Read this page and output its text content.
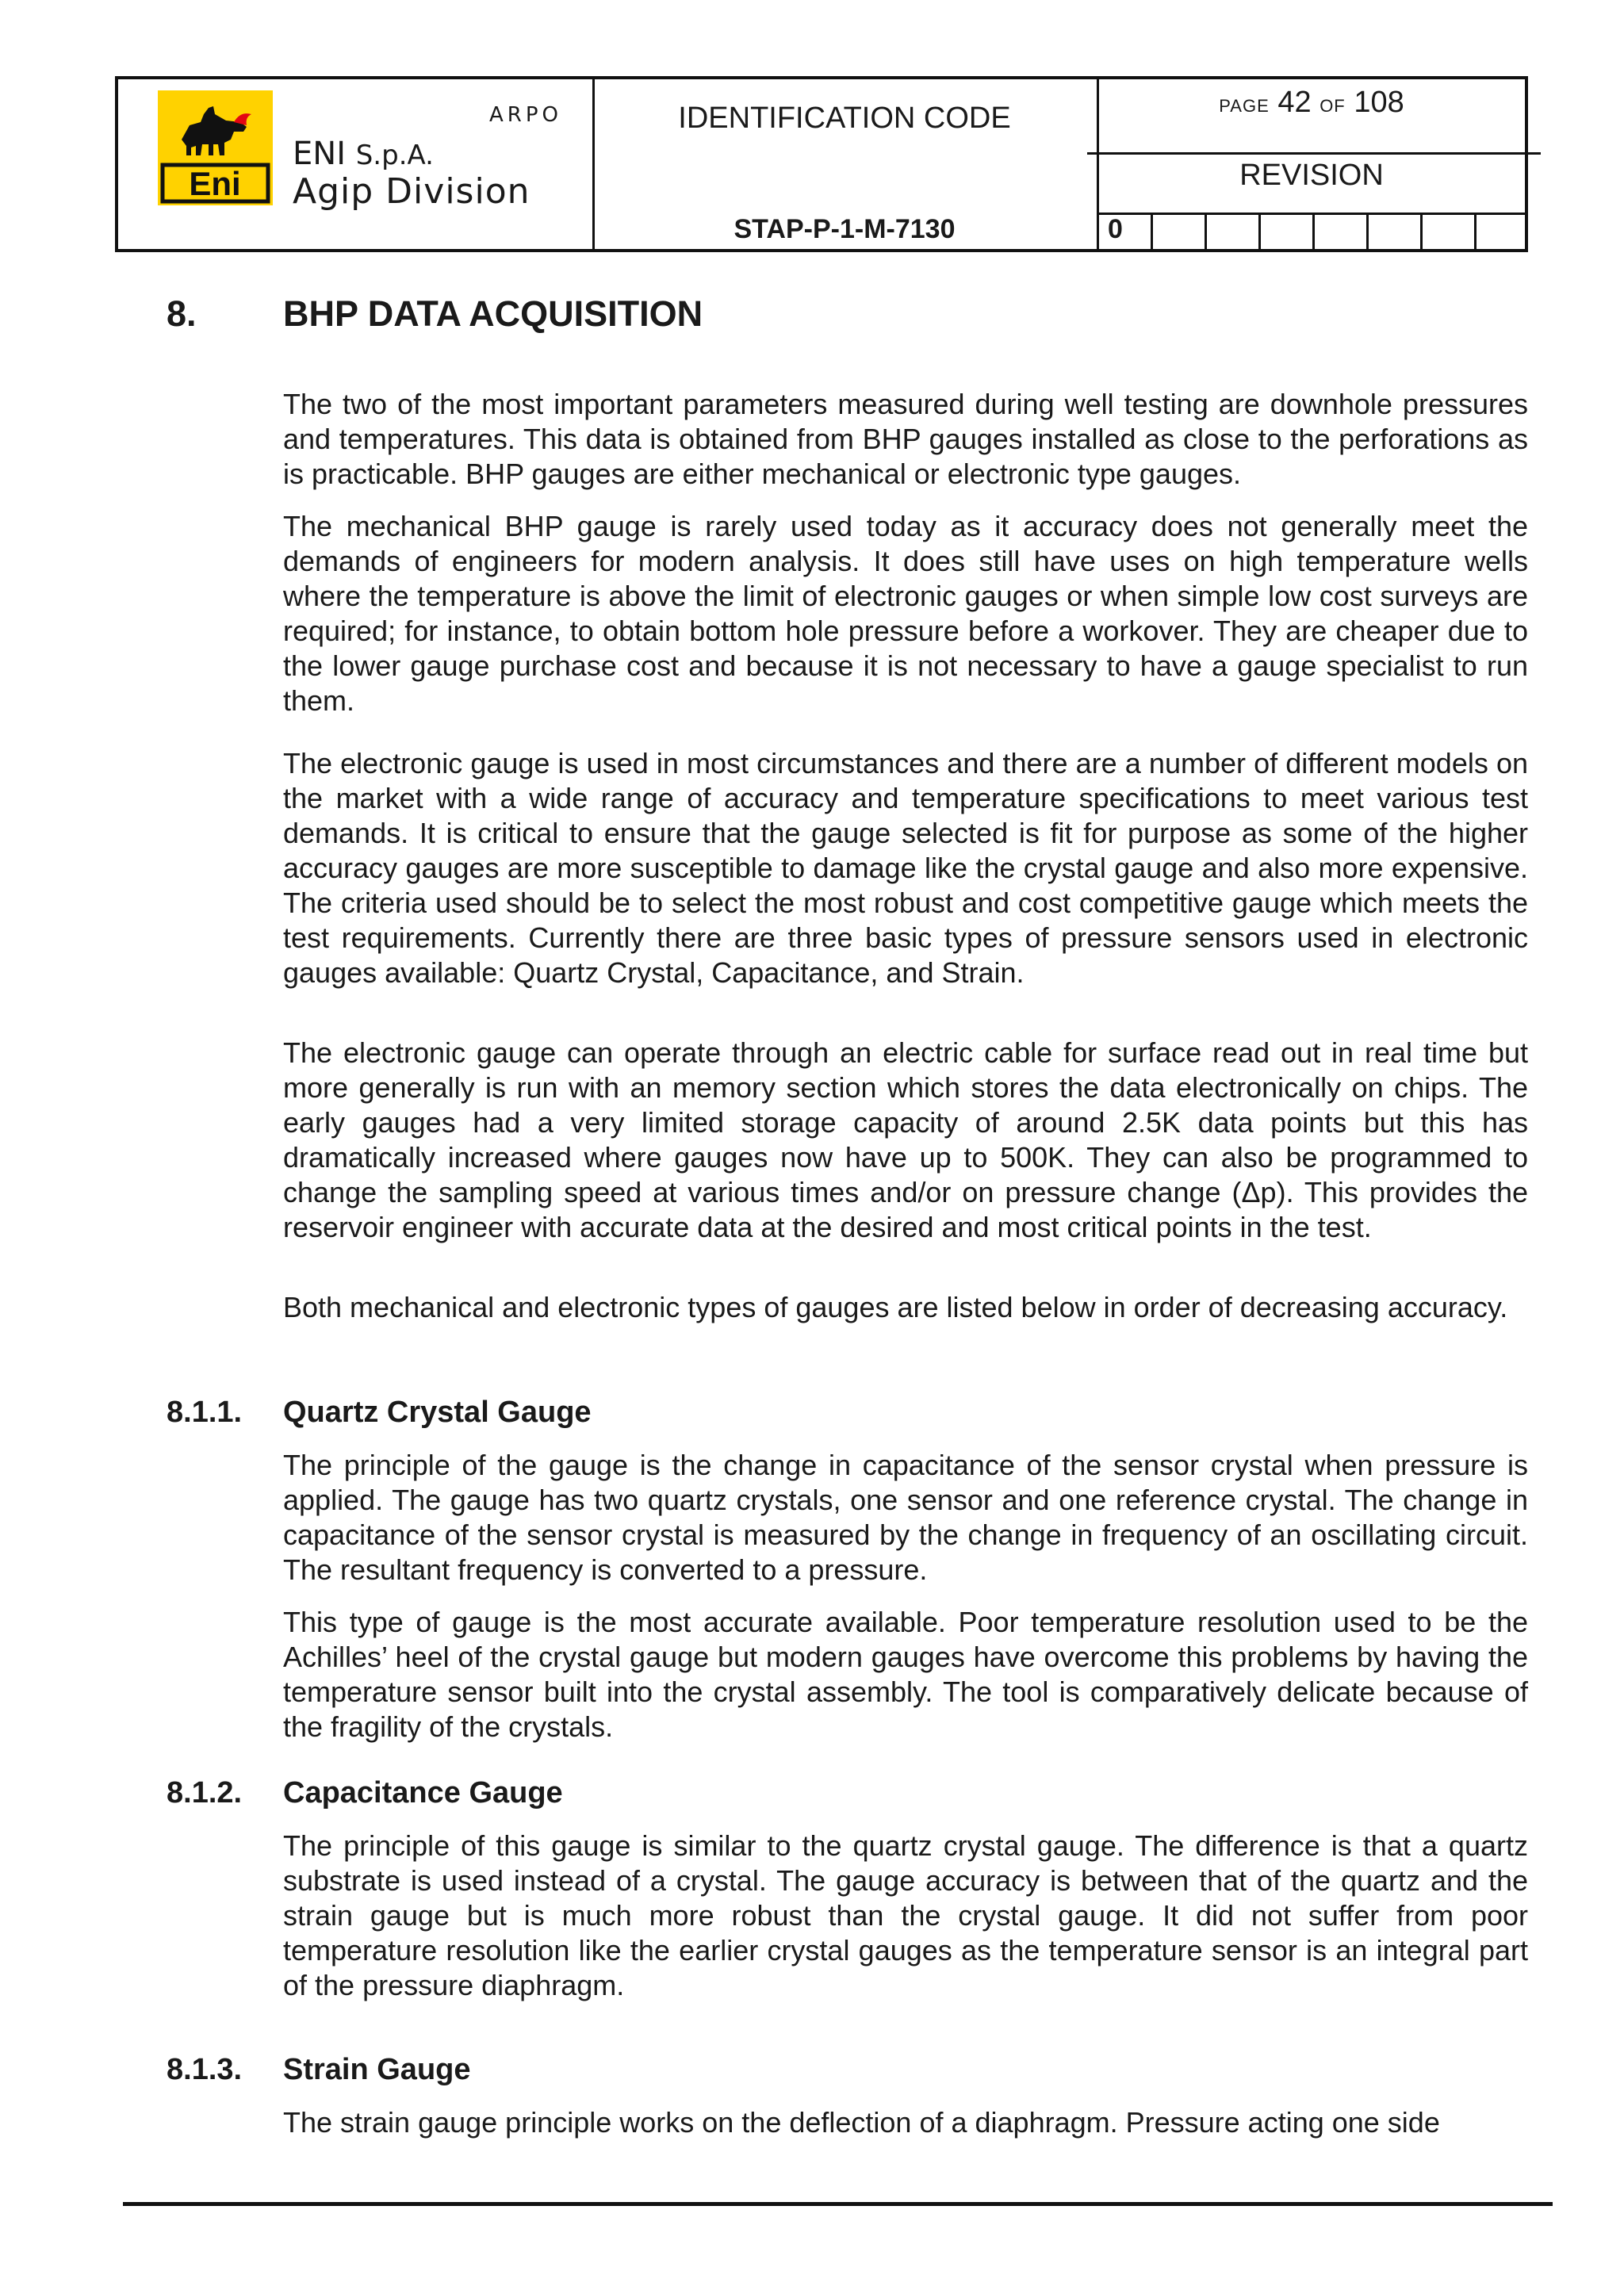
Eni
ARPO
ENI S.p.A.
Agip Division
IDENTIFICATION CODE
STAP-P-1-M-7130
PAGE 42 OF 108
REVISION
0
8. BHP DATA ACQUISITION

The two of the most important parameters measured during well testing are downhole pressures and temperatures. This data is obtained from BHP gauges installed as close to the perforations as is practicable. BHP gauges are either mechanical or electronic type gauges.

The mechanical BHP gauge is rarely used today as it accuracy does not generally meet the demands of engineers for modern analysis. It does still have uses on high temperature wells where the temperature is above the limit of electronic gauges or when simple low cost surveys are required; for instance, to obtain bottom hole pressure before a workover. They are cheaper due to the lower gauge purchase cost and because it is not necessary to have a gauge specialist to run them.

The electronic gauge is used in most circumstances and there are a number of different models on the market with a wide range of accuracy and temperature specifications to meet various test demands. It is critical to ensure that the gauge selected is fit for purpose as some of the higher accuracy gauges are more susceptible to damage like the crystal gauge and also more expensive. The criteria used should be to select the most robust and cost competitive gauge which meets the test requirements. Currently there are three basic types of pressure sensors used in electronic gauges available: Quartz Crystal, Capacitance, and Strain.

The electronic gauge can operate through an electric cable for surface read out in real time but more generally is run with an memory section which stores the data electronically on chips. The early gauges had a very limited storage capacity of around 2.5K data points but this has dramatically increased where gauges now have up to 500K. They can also be programmed to change the sampling speed at various times and/or on pressure change (Δp). This provides the reservoir engineer with accurate data at the desired and most critical points in the test.

Both mechanical and electronic types of gauges are listed below in order of decreasing accuracy.

8.1.1. Quartz Crystal Gauge

The principle of the gauge is the change in capacitance of the sensor crystal when pressure is applied. The gauge has two quartz crystals, one sensor and one reference crystal. The change in capacitance of the sensor crystal is measured by the change in frequency of an oscillating circuit. The resultant frequency is converted to a pressure.

This type of gauge is the most accurate available. Poor temperature resolution used to be the Achilles’ heel of the crystal gauge but modern gauges have overcome this problems by having the temperature sensor built into the crystal assembly. The tool is comparatively delicate because of the fragility of the crystals.

8.1.2. Capacitance Gauge

The principle of this gauge is similar to the quartz crystal gauge. The difference is that a quartz substrate is used instead of a crystal. The gauge accuracy is between that of the quartz and the strain gauge but is much more robust than the crystal gauge. It did not suffer from poor temperature resolution like the earlier crystal gauges as the temperature sensor is an integral part of the pressure diaphragm.

8.1.3. Strain Gauge

The strain gauge principle works on the deflection of a diaphragm. Pressure acting one side
